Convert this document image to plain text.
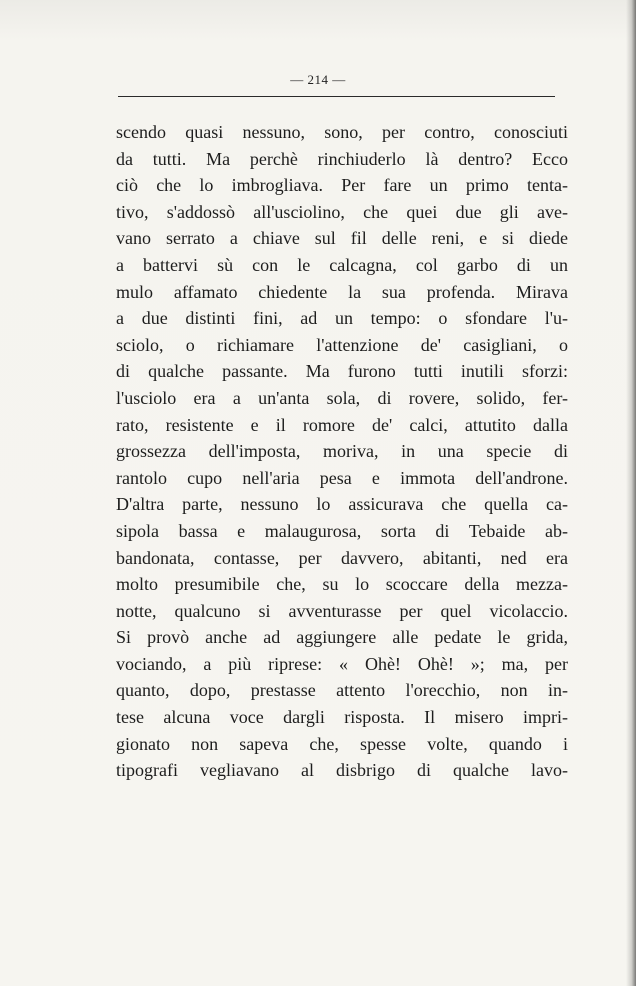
— 214 —
scendo quasi nessuno, sono, per contro, conosciuti
da tutti. Ma perchè rinchiuderlo là dentro? Ecco
ciò che lo imbrogliava. Per fare un primo tenta-
tivo, s'addossò all'usciolino, che quei due gli ave-
vano serrato a chiave sul fil delle reni, e si diede
a battervi sù con le calcagna, col garbo di un
mulo affamato chiedente la sua profenda. Mirava
a due distinti fini, ad un tempo: o sfondare l'u-
sciolo, o richiamare l'attenzione de' casigliani, o
di qualche passante. Ma furono tutti inutili sforzi:
l'usciolo era a un'anta sola, di rovere, solido, fer-
rato, resistente e il romore de' calci, attutito dalla
grossezza dell'imposta, moriva, in una specie di
rantolo cupo nell'aria pesa e immota dell'androne.
D'altra parte, nessuno lo assicurava che quella ca-
sipola bassa e malaugurosa, sorta di Tebaide ab-
bandonata, contasse, per davvero, abitanti, ned era
molto presumibile che, su lo scoccare della mezza-
notte, qualcuno si avventurasse per quel vicolaccio.
Si provò anche ad aggiungere alle pedate le grida,
vociando, a più riprese: « Ohè! Ohè! »; ma, per
quanto, dopo, prestasse attento l'orecchio, non in-
tese alcuna voce dargli risposta. Il misero impri-
gionato non sapeva che, spesse volte, quando i
tipografi vegliavano al disbrigo di qualche lavo-
